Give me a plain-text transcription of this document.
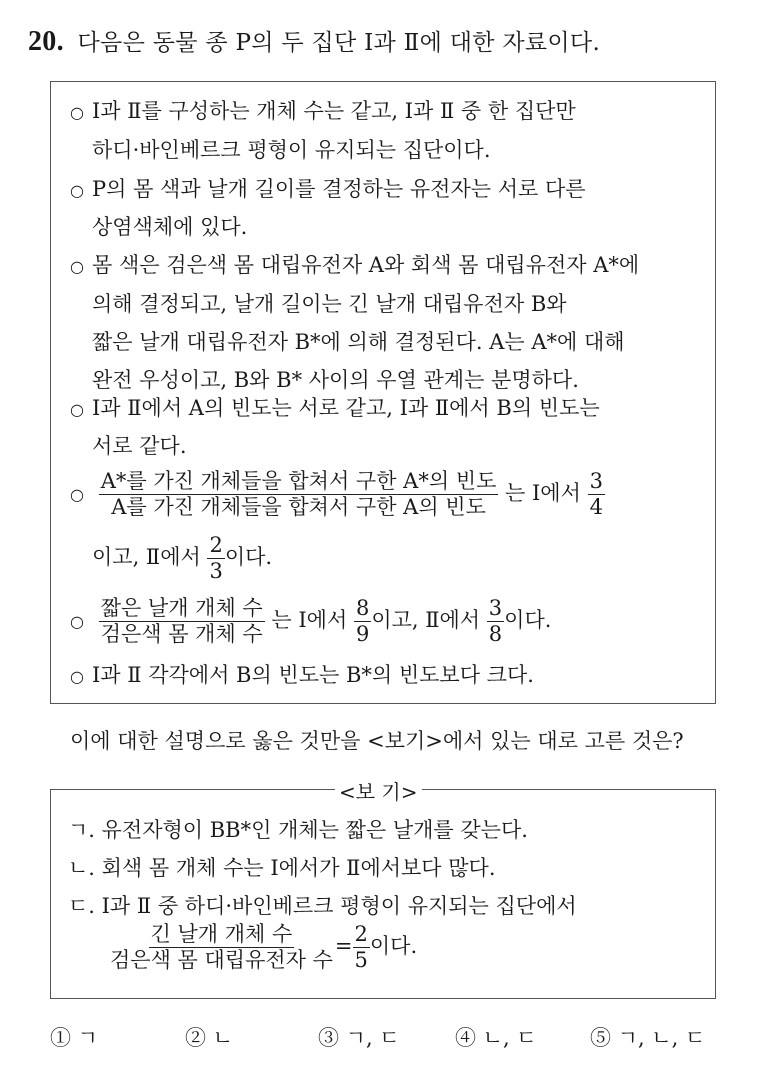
20. 다음은 동물 종 P의 두 집단 Ⅰ과 Ⅱ에 대한 자료이다.
○ Ⅰ과 Ⅱ를 구성하는 개체 수는 같고, Ⅰ과 Ⅱ 중 한 집단만
하디·바인베르크 평형이 유지되는 집단이다.
○ P의 몸 색과 날개 길이를 결정하는 유전자는 서로 다른
상염색체에 있다.
○ 몸 색은 검은색 몸 대립유전자 A와 회색 몸 대립유전자 A*에
의해 결정되고, 날개 길이는 긴 날개 대립유전자 B와
짧은 날개 대립유전자 B*에 의해 결정된다. A는 A*에 대해
완전 우성이고, B와 B* 사이의 우열 관계는 분명하다.
○ Ⅰ과 Ⅱ에서 A의 빈도는 서로 같고, Ⅰ과 Ⅱ에서 B의 빈도는
서로 같다.
○ $\frac{\text{A*를 가진 개체들을 합쳐서 구한 A*의 빈도}}{\text{A를 가진 개체들을 합쳐서 구한 A의 빈도}}$ 는 Ⅰ에서 $\frac{3}{4}$
이고, Ⅱ에서 $\frac{2}{3}$ 이다.
○ $\frac{\text{짧은 날개 개체 수}}{\text{검은색 몸 개체 수}}$ 는 Ⅰ에서 $\frac{8}{9}$ 이고, Ⅱ에서 $\frac{3}{8}$ 이다.
○ Ⅰ과 Ⅱ 각각에서 B의 빈도는 B*의 빈도보다 크다.
이에 대한 설명으로 옳은 것만을 <보기>에서 있는 대로 고른 것은?
<보 기>
ㄱ. 유전자형이 BB*인 개체는 짧은 날개를 갖는다.
ㄴ. 회색 몸 개체 수는 Ⅰ에서가 Ⅱ에서보다 많다.
ㄷ. Ⅰ과 Ⅱ 중 하디·바인베르크 평형이 유지되는 집단에서
$\frac{\text{긴 날개 개체 수}}{\text{검은색 몸 대립유전자 수}} = \frac{2}{5}$ 이다.
① ㄱ	② ㄴ	③ ㄱ, ㄷ	④ ㄴ, ㄷ	⑤ ㄱ, ㄴ, ㄷ
